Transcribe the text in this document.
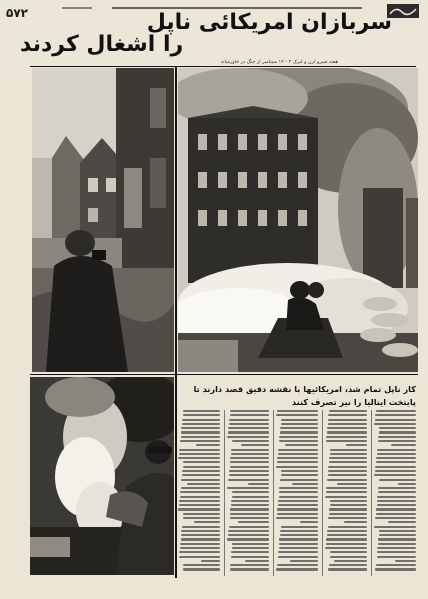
۵۷۲	سربازان امریکائی ناپل
را اشغال کردند
هفته شیرو لرن و لبرک ۴ - ۱۲ سپتامبر از جنگ در خاورمیانه
کار ناپل تمام شد، امریکائیها با نقشه دقیق قصد دارند تا پایتخت ایتالیا را نیز تصرف کنند
